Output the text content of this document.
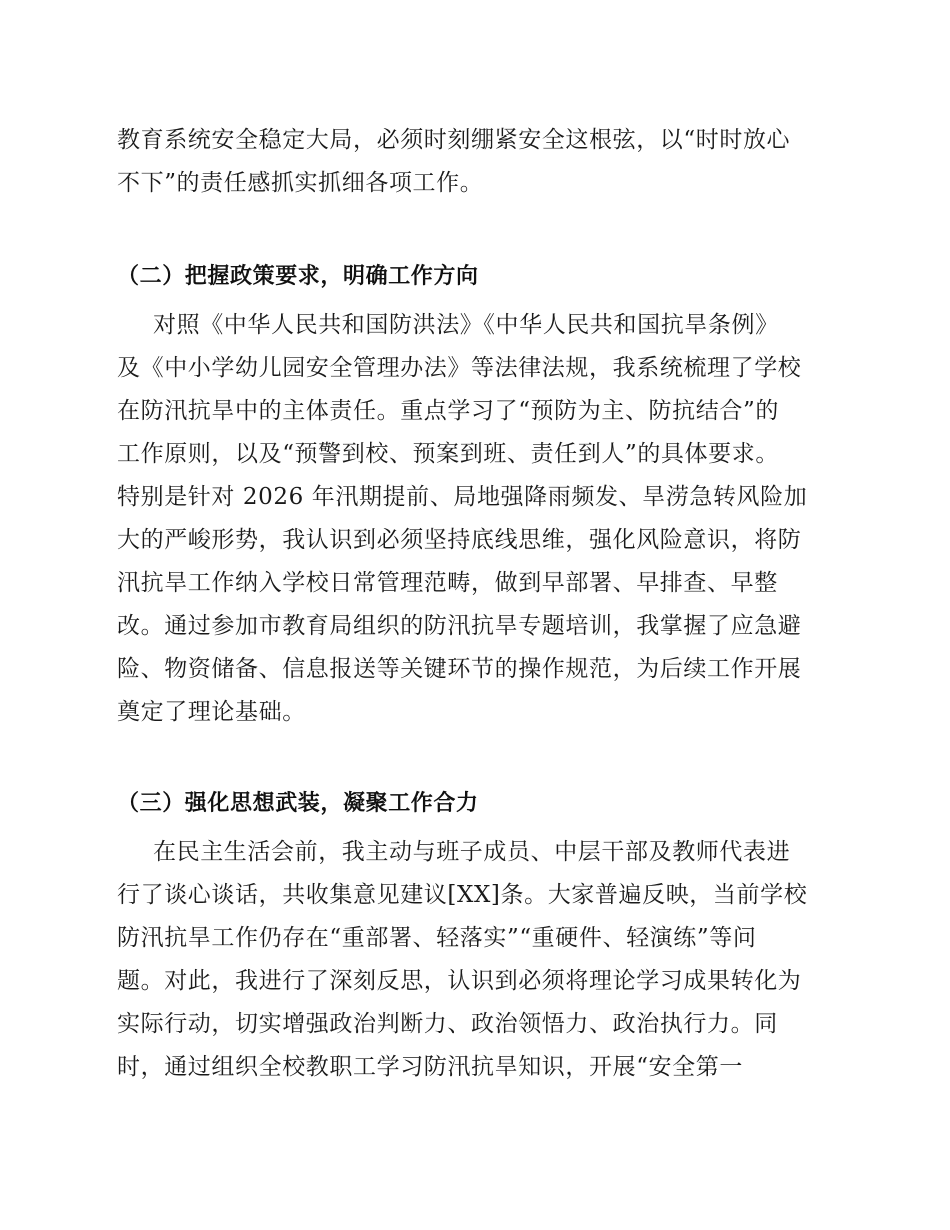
教育系统安全稳定大局，必须时刻绷紧安全这根弦，以“时时放心
不下”的责任感抓实抓细各项工作。
（二）把握政策要求，明确工作方向
对照《中华人民共和国防洪法》《中华人民共和国抗旱条例》
及《中小学幼儿园安全管理办法》等法律法规，我系统梳理了学校
在防汛抗旱中的主体责任。重点学习了“预防为主、防抗结合”的
工作原则，以及“预警到校、预案到班、责任到人”的具体要求。
特别是针对 2026 年汛期提前、局地强降雨频发、旱涝急转风险加
大的严峻形势，我认识到必须坚持底线思维，强化风险意识，将防
汛抗旱工作纳入学校日常管理范畴，做到早部署、早排查、早整
改。通过参加市教育局组织的防汛抗旱专题培训，我掌握了应急避
险、物资储备、信息报送等关键环节的操作规范，为后续工作开展
奠定了理论基础。
（三）强化思想武装，凝聚工作合力
在民主生活会前，我主动与班子成员、中层干部及教师代表进
行了谈心谈话，共收集意见建议[XX]条。大家普遍反映，当前学校
防汛抗旱工作仍存在“重部署、轻落实”“重硬件、轻演练”等问
题。对此，我进行了深刻反思，认识到必须将理论学习成果转化为
实际行动，切实增强政治判断力、政治领悟力、政治执行力。同
时，通过组织全校教职工学习防汛抗旱知识，开展“安全第一
